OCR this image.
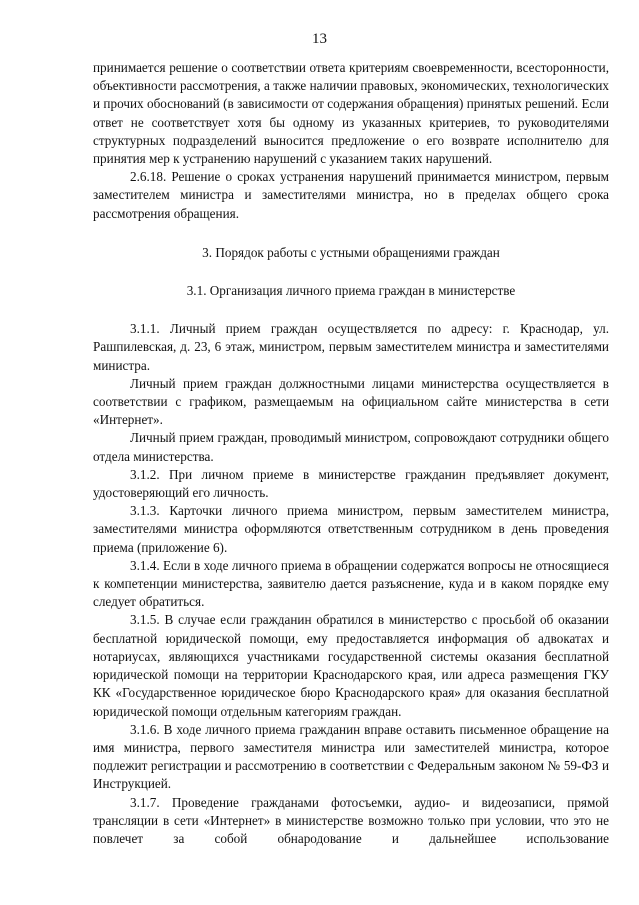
13

принимается решение о соответствии ответа критериям своевременности, всесторонности, объективности рассмотрения, а также наличии правовых, экономических, технологических и прочих обоснований (в зависимости от содержания обращения) принятых решений. Если ответ не соответствует хотя бы одному из указанных критериев, то руководителями структурных подразделений выносится предложение о его возврате исполнителю для принятия мер к устранению нарушений с указанием таких нарушений.

2.6.18. Решение о сроках устранения нарушений принимается министром, первым заместителем министра и заместителями министра, но в пределах общего срока рассмотрения обращения.

3. Порядок работы с устными обращениями граждан

3.1. Организация личного приема граждан в министерстве

3.1.1. Личный прием граждан осуществляется по адресу: г. Краснодар, ул. Рашпилевская, д. 23, 6 этаж, министром, первым заместителем министра и заместителями министра.

Личный прием граждан должностными лицами министерства осуществляется в соответствии с графиком, размещаемым на официальном сайте министерства в сети «Интернет».

Личный прием граждан, проводимый министром, сопровождают сотрудники общего отдела министерства.

3.1.2. При личном приеме в министерстве гражданин предъявляет документ, удостоверяющий его личность.

3.1.3. Карточки личного приема министром, первым заместителем министра, заместителями министра оформляются ответственным сотрудником в день проведения приема (приложение 6).

3.1.4. Если в ходе личного приема в обращении содержатся вопросы не относящиеся к компетенции министерства, заявителю дается разъяснение, куда и в каком порядке ему следует обратиться.

3.1.5. В случае если гражданин обратился в министерство с просьбой об оказании бесплатной юридической помощи, ему предоставляется информация об адвокатах и нотариусах, являющихся участниками государственной системы оказания бесплатной юридической помощи на территории Краснодарского края, или адреса размещения ГКУ КК «Государственное юридическое бюро Краснодарского края» для оказания бесплатной юридической помощи отдельным категориям граждан.

3.1.6. В ходе личного приема гражданин вправе оставить письменное обращение на имя министра, первого заместителя министра или заместителей министра, которое подлежит регистрации и рассмотрению в соответствии с Федеральным законом № 59-ФЗ и Инструкцией.

3.1.7. Проведение гражданами фотосъемки, аудио- и видеозаписи, прямой трансляции в сети «Интернет» в министерстве возможно только при условии, что это не повлечет за собой обнародование и дальнейшее использование
